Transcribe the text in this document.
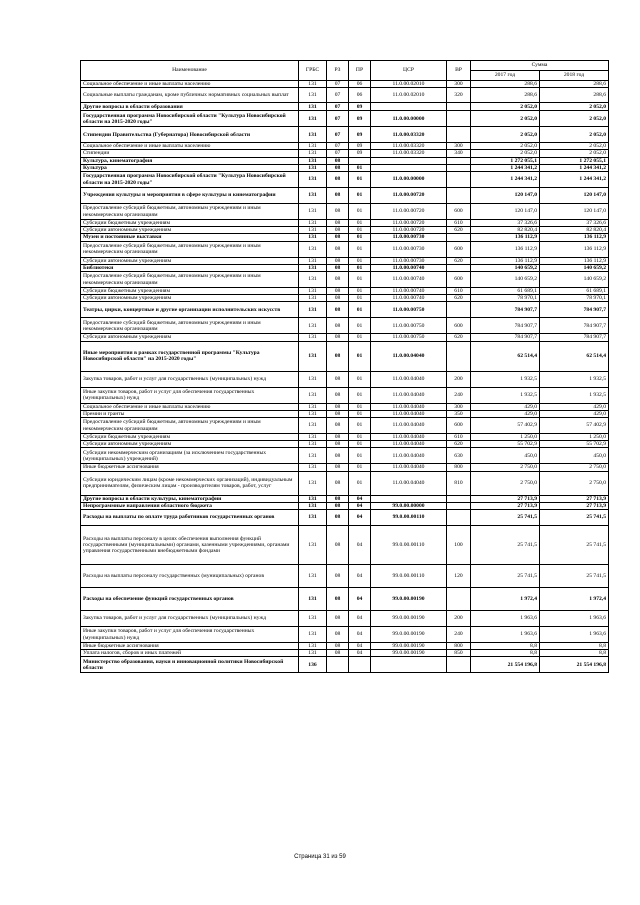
Наименование	ГРБС	РЗ	ПР	ЦСР	ВР	Сумма	
						2017 год	2018 год
Социальное обеспечение и иные выплаты населению	131	07	06	11.0.00.02010	300	288,6	288,6
Социальные выплаты гражданам, кроме публичных нормативных социальных выплат	131	07	06	11.0.00.02010	320	288,6	288,6
Другие вопросы в области образования	131	07	09			2 052,0	2 052,0
Государственная программа Новосибирской области "Культура Новосибирской области на 2015-2020 годы"	131	07	09	11.0.00.00000		2 052,0	2 052,0
Стипендии Правительства (Губернатора) Новосибирской области	131	07	09	11.0.00.03320		2 052,0	2 052,0
Социальное обеспечение и иные выплаты населению	131	07	09	11.0.00.03320	300	2 052,0	2 052,0
Стипендии	131	07	09	11.0.00.03320	340	2 052,0	2 052,0
Культура, кинематография	131	08				1 272 055,1	1 272 055,1
Культура	131	08	01			1 244 341,2	1 244 341,2
Государственная программа Новосибирской области "Культура Новосибирской области на 2015-2020 годы"	131	08	01	11.0.00.00000		1 244 341,2	1 244 341,2
Учреждения культуры и мероприятия в сфере культуры и кинематографии	131	08	01	11.0.00.00720		120 147,0	120 147,0
Предоставление субсидий бюджетным, автономным учреждениям и иным некоммерческим организациям	131	08	01	11.0.00.00720	600	120 147,0	120 147,0
Субсидии бюджетным учреждениям	131	08	01	11.0.00.00720	610	37 326,6	37 326,6
Субсидии автономным учреждениям	131	08	01	11.0.00.00720	620	82 820,4	82 820,4
Музеи и постоянные выставки	131	08	01	11.0.00.00730		136 112,9	136 112,9
Предоставление субсидий бюджетным, автономным учреждениям и иным некоммерческим организациям	131	08	01	11.0.00.00730	600	136 112,9	136 112,9
Субсидии автономным учреждениям	131	08	01	11.0.00.00730	620	136 112,9	136 112,9
Библиотеки	131	08	01	11.0.00.00740		140 659,2	140 659,2
Предоставление субсидий бюджетным, автономным учреждениям и иным некоммерческим организациям	131	08	01	11.0.00.00740	600	140 659,2	140 659,2
Субсидии бюджетным учреждениям	131	08	01	11.0.00.00740	610	61 689,1	61 689,1
Субсидии автономным учреждениям	131	08	01	11.0.00.00740	620	78 970,1	78 970,1
Театры, цирки, концертные и другие организации исполнительских искусств	131	08	01	11.0.00.00750		784 907,7	784 907,7
Предоставление субсидий бюджетным, автономным учреждениям и иным некоммерческим организациям	131	08	01	11.0.00.00750	600	784 907,7	784 907,7
Субсидии автономным учреждениям	131	08	01	11.0.00.00750	620	784 907,7	784 907,7
Иные мероприятия в рамках государственной программы "Культура Новосибирской области" на 2015-2020 годы"	131	08	01	11.0.00.04040		62 514,4	62 514,4
Закупка товаров, работ и услуг для государственных (муниципальных) нужд	131	08	01	11.0.00.04040	200	1 932,5	1 932,5
Иные закупки товаров, работ и услуг для обеспечения государственных (муниципальных) нужд	131	08	01	11.0.00.04040	240	1 932,5	1 932,5
Социальное обеспечение и иные выплаты населению	131	08	01	11.0.00.04040	300	429,0	429,0
Премии и гранты	131	08	01	11.0.00.04040	350	429,0	429,0
Предоставление субсидий бюджетным, автономным учреждениям и иным некоммерческим организациям	131	08	01	11.0.00.04040	600	57 402,9	57 402,9
Субсидии бюджетным учреждениям	131	08	01	11.0.00.04040	610	1 250,0	1 250,0
Субсидии автономным учреждениям	131	08	01	11.0.00.04040	620	55 702,9	55 702,9
Субсидии некоммерческим организациям (за исключением государственных (муниципальных) учреждений)	131	08	01	11.0.00.04040	630	450,0	450,0
Иные бюджетные ассигнования	131	08	01	11.0.00.04040	800	2 750,0	2 750,0
Субсидии юридическим лицам (кроме некоммерческих организаций), индивидуальным предпринимателям, физическим лицам - производителям товаров, работ, услуг	131	08	01	11.0.00.04040	810	2 750,0	2 750,0
Другие вопросы в области культуры, кинематографии	131	08	04			27 713,9	27 713,9
Непрограммные направления областного бюджета	131	08	04	99.0.00.00000		27 713,9	27 713,9
Расходы на выплаты по оплате труда работников государственных органов	131	08	04	99.0.00.00110		25 741,5	25 741,5
Расходы на выплаты персоналу в целях обеспечения выполнения функций государственными (муниципальными) органами, казенными учреждениями, органами управления государственными внебюджетными фондами	131	08	04	99.0.00.00110	100	25 741,5	25 741,5
Расходы на выплаты персоналу государственных (муниципальных) органов	131	08	04	99.0.00.00110	120	25 741,5	25 741,5
Расходы на обеспечение функций государственных органов	131	08	04	99.0.00.00190		1 972,4	1 972,4
Закупка товаров, работ и услуг для государственных (муниципальных) нужд	131	08	04	99.0.00.00190	200	1 963,6	1 963,6
Иные закупки товаров, работ и услуг для обеспечения государственных (муниципальных) нужд	131	08	04	99.0.00.00190	240	1 963,6	1 963,6
Иные бюджетные ассигнования	131	08	04	99.0.00.00190	800	8,8	8,8
Уплата налогов, сборов и иных платежей	131	08	04	99.0.00.00190	850	8,8	8,8
Министерство образования, науки и инновационной политики Новосибирской области	136					21 554 196,8	21 554 196,8
Страница 31 из 59
